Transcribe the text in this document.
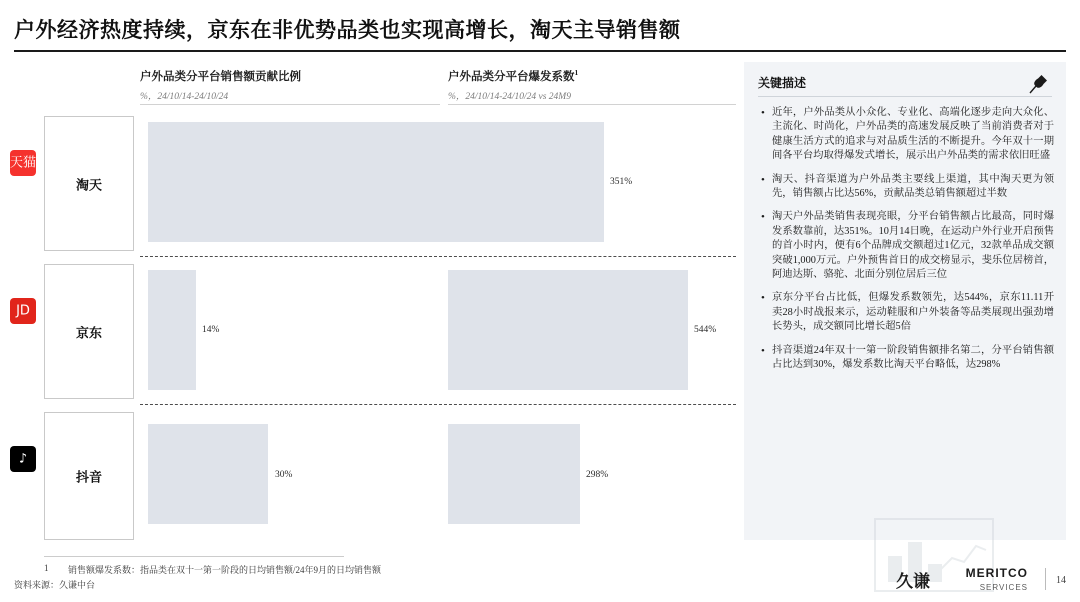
户外经济热度持续，京东在非优势品类也实现高增长，淘天主导销售额
户外品类分平台销售额贡献比例
%，24/10/14-24/10/24
户外品类分平台爆发系数$^1$
%，24/10/14-24/10/24 vs 24M9
天猫
淘天	351%
JD
京东	14%	544%
♪
抖音	30%	298%
关键描述
• 近年，户外品类从小众化、专业化、高端化逐步走向大众化、主流化、时尚化，户外品类的高速发展反映了当前消费者对于健康生活方式的追求与对品质生活的不断提升。今年双十一期间各平台均取得爆发式增长，展示出户外品类的需求依旧旺盛
• 淘天、抖音渠道为户外品类主要线上渠道，其中淘天更为领先，销售额占比达56%，贡献品类总销售额超过半数
• 淘天户外品类销售表现亮眼，分平台销售额占比最高，同时爆发系数靠前，达351%。10月14日晚，在运动户外行业开启预售的首小时内，便有6个品牌成交额超过1亿元，32款单品成交额突破1,000万元。户外预售首日的成交榜显示，斐乐位居榜首，阿迪达斯、骆驼、北面分别位居后三位
• 京东分平台占比低，但爆发系数领先，达544%，京东11.11开卖28小时战报来示，运动鞋服和户外装备等品类展现出强劲增长势头，成交额同比增长超5倍
• 抖音渠道24年双十一第一阶段销售额排名第二，分平台销售额占比达到30%，爆发系数比淘天平台略低，达298%
1 销售额爆发系数：指品类在双十一第一阶段的日均销售额/24年9月的日均销售额
资料来源：久谦中台	久谦	MERITCO
SERVICES
14
